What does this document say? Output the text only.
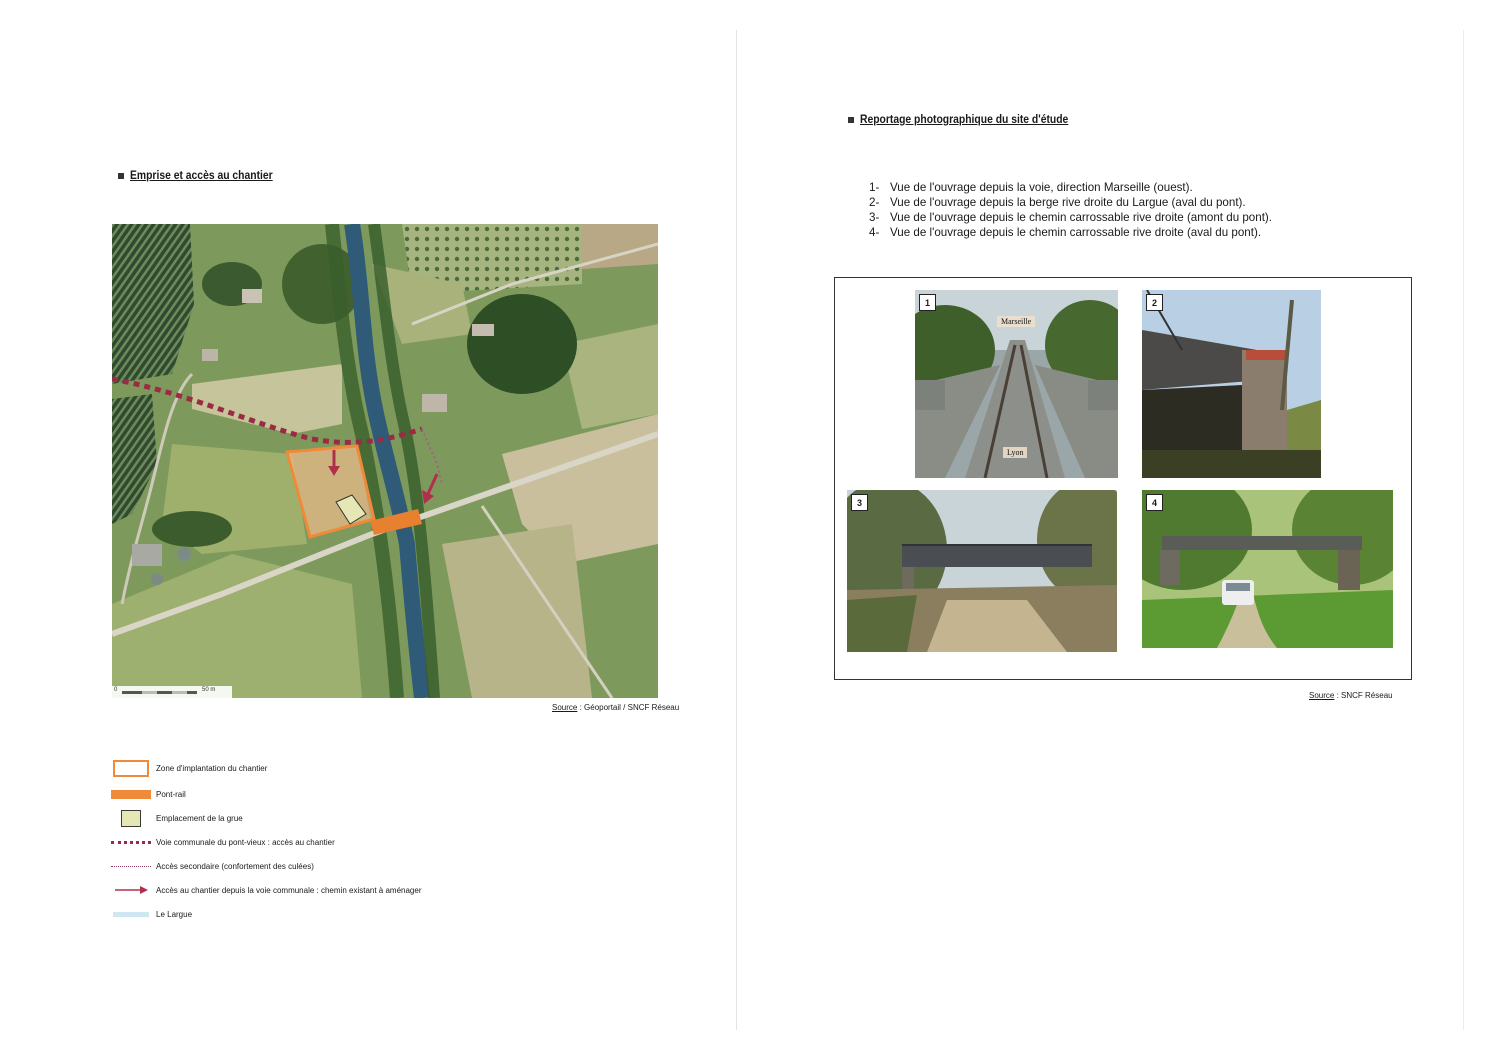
Emprise et accès au chantier
0	50 m
Source : Géoportail / SNCF Réseau
Zone d'implantation du chantier
Pont-rail
Emplacement de la grue
Voie communale du pont-vieux : accès au chantier
Accès secondaire (confortement des culées)
Accès au chantier depuis la voie communale : chemin existant à aménager
Le Largue
Reportage photographique du site d'étude
1- Vue de l'ouvrage depuis la voie, direction Marseille (ouest).
2- Vue de l'ouvrage depuis la berge rive droite du Largue (aval du pont).
3- Vue de l'ouvrage depuis le chemin carrossable rive droite (amont du pont).
4- Vue de l'ouvrage depuis le chemin carrossable rive droite (aval du pont).
1
Marseille
Lyon
2
3	4
Source : SNCF Réseau
